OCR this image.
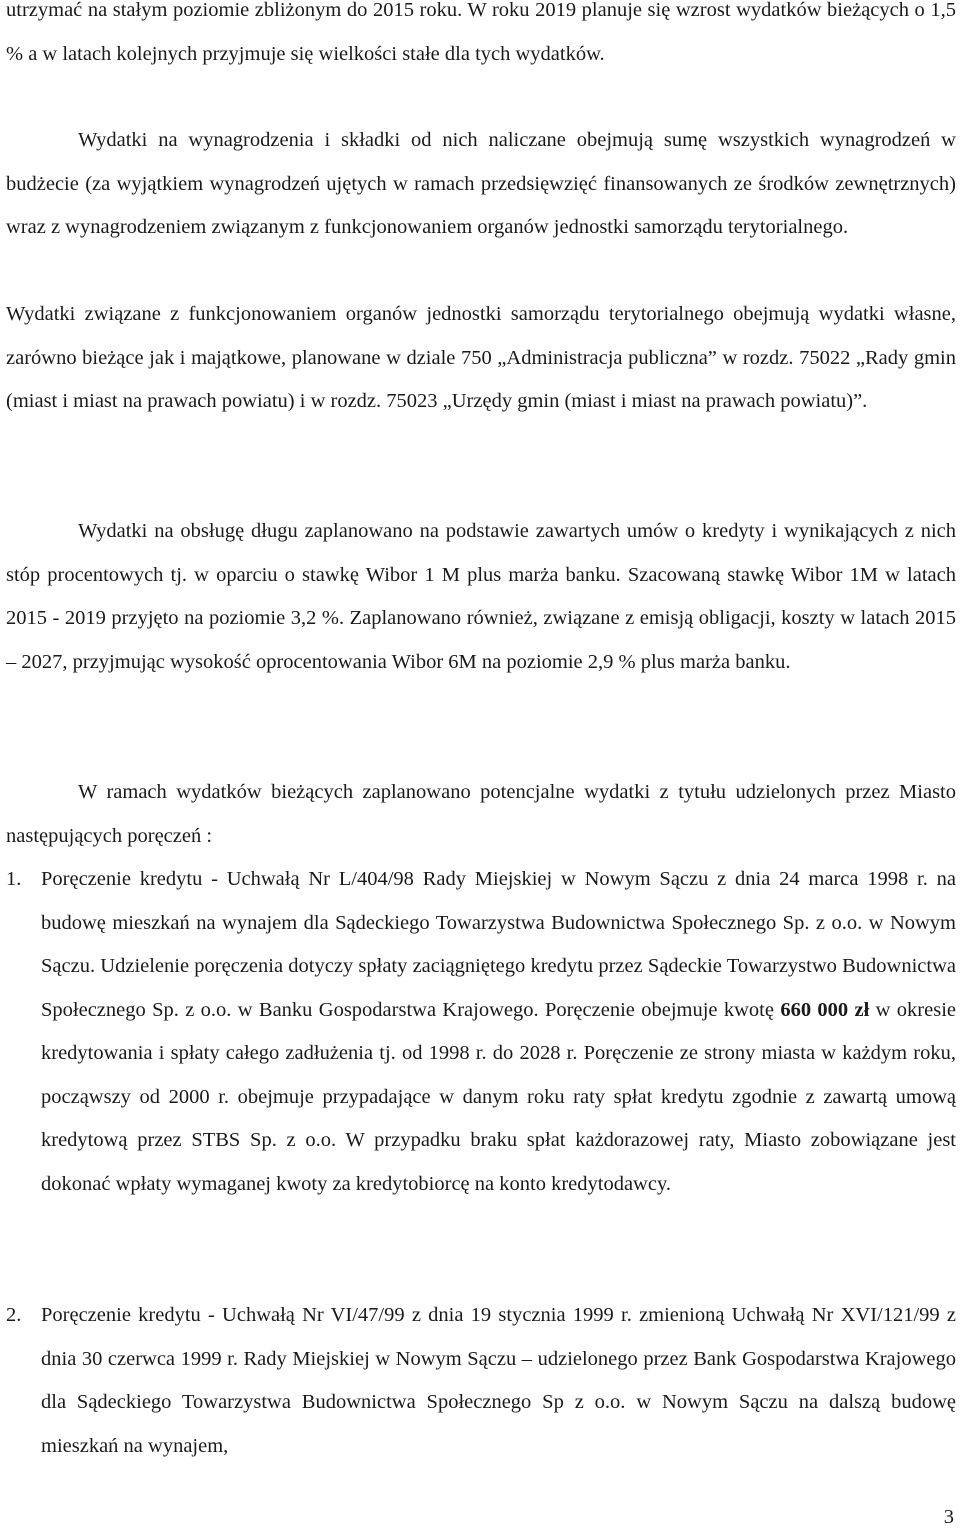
utrzymać na stałym poziomie zbliżonym do 2015 roku. W roku 2019 planuje się wzrost wydatków bieżących o 1,5 % a w latach kolejnych przyjmuje się wielkości stałe dla tych wydatków.
Wydatki na wynagrodzenia i składki od nich naliczane obejmują sumę wszystkich wynagrodzeń w budżecie (za wyjątkiem wynagrodzeń ujętych w ramach przedsięwzięć finansowanych ze środków zewnętrznych) wraz z wynagrodzeniem związanym z funkcjonowaniem organów jednostki samorządu terytorialnego.
Wydatki związane z funkcjonowaniem organów jednostki samorządu terytorialnego obejmują wydatki własne, zarówno bieżące jak i majątkowe, planowane w dziale 750 „Administracja publiczna” w rozdz. 75022 „Rady gmin (miast i miast na prawach powiatu) i w rozdz. 75023 „Urzędy gmin (miast i miast na prawach powiatu)”.
Wydatki na obsługę długu zaplanowano na podstawie zawartych umów o kredyty i wynikających z nich stóp procentowych tj. w oparciu o stawkę Wibor 1 M plus marża banku. Szacowaną stawkę Wibor 1M w latach 2015 - 2019 przyjęto na poziomie 3,2 %. Zaplanowano również, związane z emisją obligacji, koszty w latach 2015 – 2027, przyjmując wysokość oprocentowania Wibor 6M na poziomie 2,9 % plus marża banku.
W ramach wydatków bieżących zaplanowano potencjalne wydatki z tytułu udzielonych przez Miasto następujących poręczeń :
1. Poręczenie kredytu - Uchwałą Nr L/404/98 Rady Miejskiej w Nowym Sączu z dnia 24 marca 1998 r. na budowę mieszkań na wynajem dla Sądeckiego Towarzystwa Budownictwa Społecznego Sp. z o.o. w Nowym Sączu. Udzielenie poręczenia dotyczy spłaty zaciągniętego kredytu przez Sądeckie Towarzystwo Budownictwa Społecznego Sp. z o.o. w Banku Gospodarstwa Krajowego. Poręczenie obejmuje kwotę 660 000 zł w okresie kredytowania i spłaty całego zadłużenia tj. od 1998 r. do 2028 r. Poręczenie ze strony miasta w każdym roku, począwszy od 2000 r. obejmuje przypadające w danym roku raty spłat kredytu zgodnie z zawartą umową kredytową przez STBS Sp. z o.o. W przypadku braku spłat każdorazowej raty, Miasto zobowiązane jest dokonać wpłaty wymaganej kwoty za kredytobiorcę na konto kredytodawcy.
2. Poręczenie kredytu - Uchwałą Nr VI/47/99 z dnia 19 stycznia 1999 r. zmienioną Uchwałą Nr XVI/121/99 z dnia 30 czerwca 1999 r. Rady Miejskiej w Nowym Sączu – udzielonego przez Bank Gospodarstwa Krajowego dla Sądeckiego Towarzystwa Budownictwa Społecznego Sp z o.o. w Nowym Sączu na dalszą budowę mieszkań na wynajem,
3
